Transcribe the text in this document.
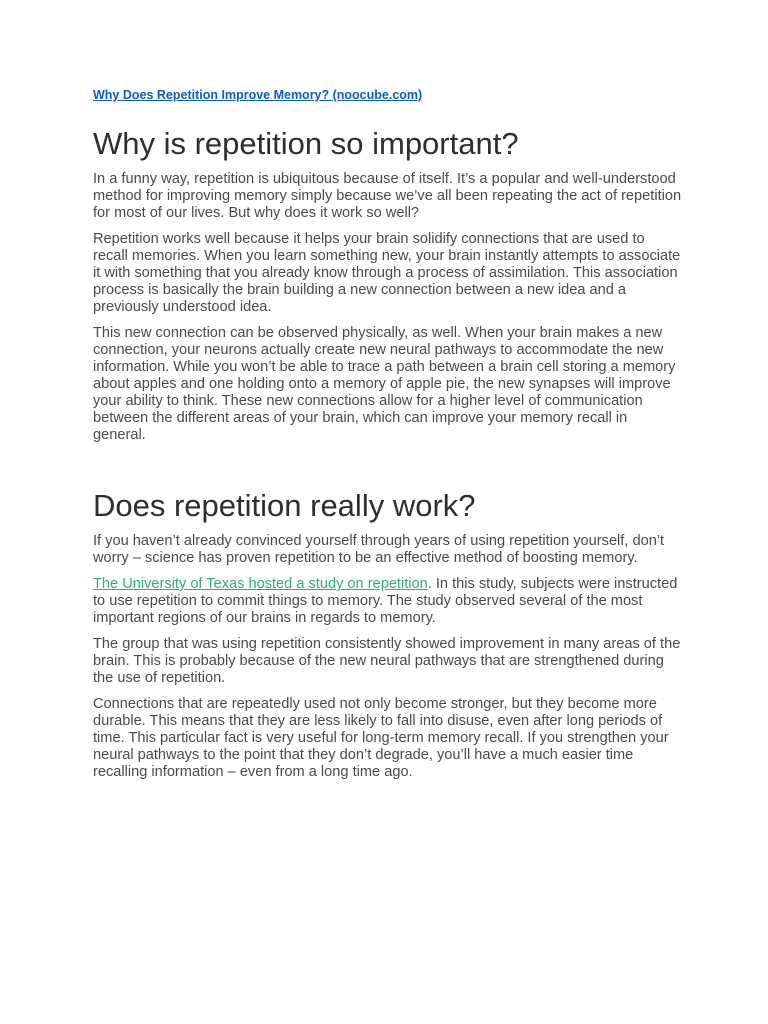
Why Does Repetition Improve Memory? (noocube.com)
Why is repetition so important?

In a funny way, repetition is ubiquitous because of itself. It’s a popular and well-understood method for improving memory simply because we’ve all been repeating the act of repetition for most of our lives. But why does it work so well?

Repetition works well because it helps your brain solidify connections that are used to recall memories. When you learn something new, your brain instantly attempts to associate it with something that you already know through a process of assimilation. This association process is basically the brain building a new connection between a new idea and a previously understood idea.

This new connection can be observed physically, as well. When your brain makes a new connection, your neurons actually create new neural pathways to accommodate the new information. While you won’t be able to trace a path between a brain cell storing a memory about apples and one holding onto a memory of apple pie, the new synapses will improve your ability to think. These new connections allow for a higher level of communication between the different areas of your brain, which can improve your memory recall in general.

Does repetition really work?

If you haven’t already convinced yourself through years of using repetition yourself, don’t worry – science has proven repetition to be an effective method of boosting memory.

The University of Texas hosted a study on repetition. In this study, subjects were instructed to use repetition to commit things to memory. The study observed several of the most important regions of our brains in regards to memory.

The group that was using repetition consistently showed improvement in many areas of the brain. This is probably because of the new neural pathways that are strengthened during the use of repetition.

Connections that are repeatedly used not only become stronger, but they become more durable. This means that they are less likely to fall into disuse, even after long periods of time. This particular fact is very useful for long-term memory recall. If you strengthen your neural pathways to the point that they don’t degrade, you’ll have a much easier time recalling information – even from a long time ago.
